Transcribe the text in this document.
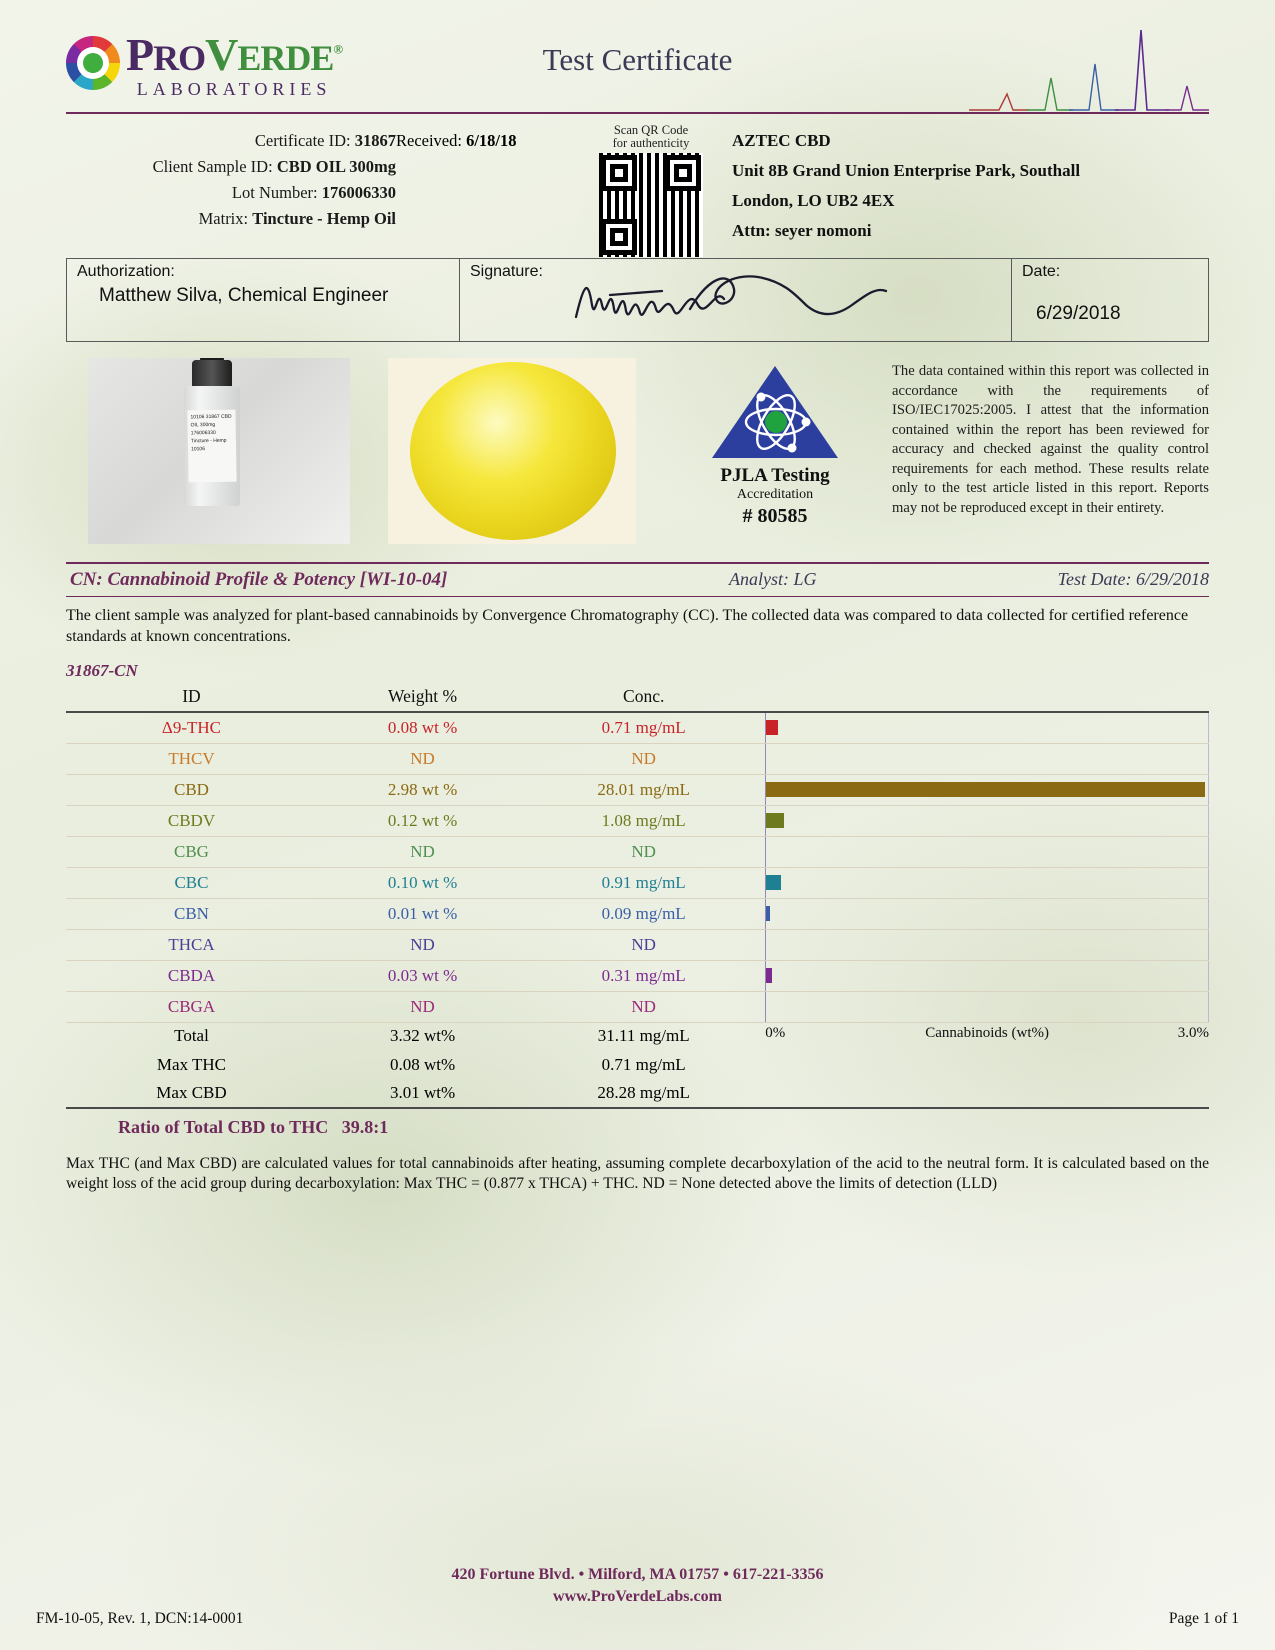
PROVERDE®
LABORATORIES
Test Certificate
Certificate ID: 31867
Client Sample ID: CBD OIL 300mg
Lot Number: 176006330
Matrix: Tincture - Hemp Oil
Received: 6/18/18
Scan QR Code
for authenticity	AZTEC CBD
Unit 8B Grand Union Enterprise Park, Southall
London, LO UB2 4EX
Attn: seyer nomoni
Authorization:
Matthew Silva, Chemical Engineer
Signature:	Date:
6/29/2018
10106 31867 CBD OIL 300mg 176006330 Tincture - Hemp 10106
PJLA Testing
Accreditation
# 80585
The data contained within this report was collected in accordance with the requirements of ISO/IEC17025:2005. I attest that the information contained within the report has been reviewed for accuracy and checked against the quality control requirements for each method. These results relate only to the test article listed in this report. Reports may not be reproduced except in their entirety.
CN: Cannabinoid Profile & Potency [WI-10-04]	Analyst: LG	Test Date: 6/29/2018
The client sample was analyzed for plant-based cannabinoids by Convergence Chromatography (CC). The collected data was compared to data collected for certified reference standards at known concentrations.
31867-CN
ID	Weight %	Conc.	
Δ9-THC	0.08 wt %	0.71 mg/mL	

THCV	ND	ND	

CBD	2.98 wt %	28.01 mg/mL	

CBDV	0.12 wt %	1.08 mg/mL	

CBG	ND	ND	

CBC	0.10 wt %	0.91 mg/mL	

CBN	0.01 wt %	0.09 mg/mL	

THCA	ND	ND	

CBDA	0.03 wt %	0.31 mg/mL	

CBGA	ND	ND	

Total	3.32 wt%	31.11 mg/mL	0% Cannabinoids (wt%) 3.0%

Max THC	0.08 wt%	0.71 mg/mL	
Max CBD	3.01 wt%	28.28 mg/mL	
Ratio of Total CBD to THC 39.8:1
Max THC (and Max CBD) are calculated values for total cannabinoids after heating, assuming complete decarboxylation of the acid to the neutral form. It is calculated based on the weight loss of the acid group during decarboxylation: Max THC = (0.877 x THCA) + THC. ND = None detected above the limits of detection (LLD)
420 Fortune Blvd. • Milford, MA 01757 • 617-221-3356
www.ProVerdeLabs.com
FM-10-05, Rev. 1, DCN:14-0001	Page 1 of 1
